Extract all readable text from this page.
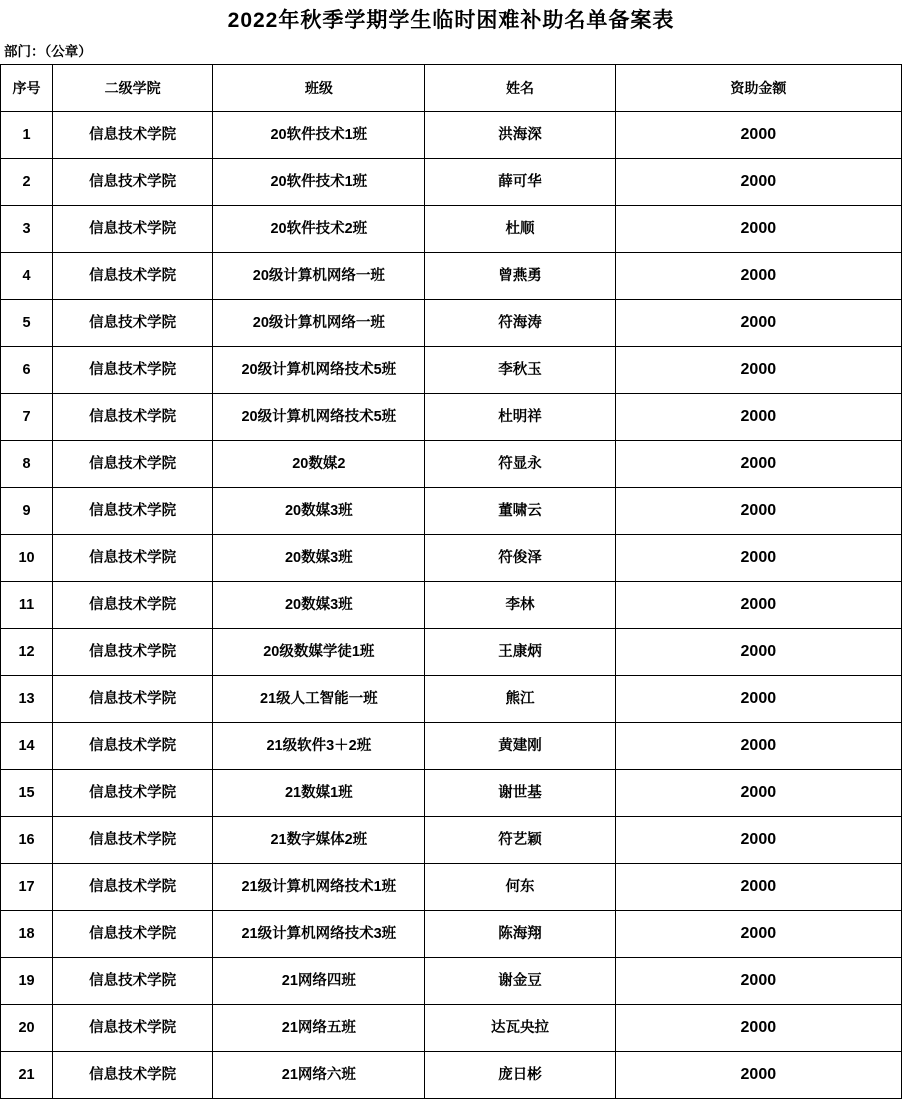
2022年秋季学期学生临时困难补助名单备案表
部门：（公章）
序号	二级学院	班级	姓名	资助金额
1	信息技术学院	20软件技术1班	洪海深	2000
2	信息技术学院	20软件技术1班	薛可华	2000
3	信息技术学院	20软件技术2班	杜顺	2000
4	信息技术学院	20级计算机网络一班	曾燕勇	2000
5	信息技术学院	20级计算机网络一班	符海涛	2000
6	信息技术学院	20级计算机网络技术5班	李秋玉	2000
7	信息技术学院	20级计算机网络技术5班	杜明祥	2000
8	信息技术学院	20数媒2	符显永	2000
9	信息技术学院	20数媒3班	董啸云	2000
10	信息技术学院	20数媒3班	符俊泽	2000
11	信息技术学院	20数媒3班	李林	2000
12	信息技术学院	20级数媒学徒1班	王康炳	2000
13	信息技术学院	21级人工智能一班	熊江	2000
14	信息技术学院	21级软件3＋2班	黄建刚	2000
15	信息技术学院	21数媒1班	谢世基	2000
16	信息技术学院	21数字媒体2班	符艺颖	2000
17	信息技术学院	21级计算机网络技术1班	何东	2000
18	信息技术学院	21级计算机网络技术3班	陈海翔	2000
19	信息技术学院	21网络四班	谢金豆	2000
20	信息技术学院	21网络五班	达瓦央拉	2000
21	信息技术学院	21网络六班	庞日彬	2000
